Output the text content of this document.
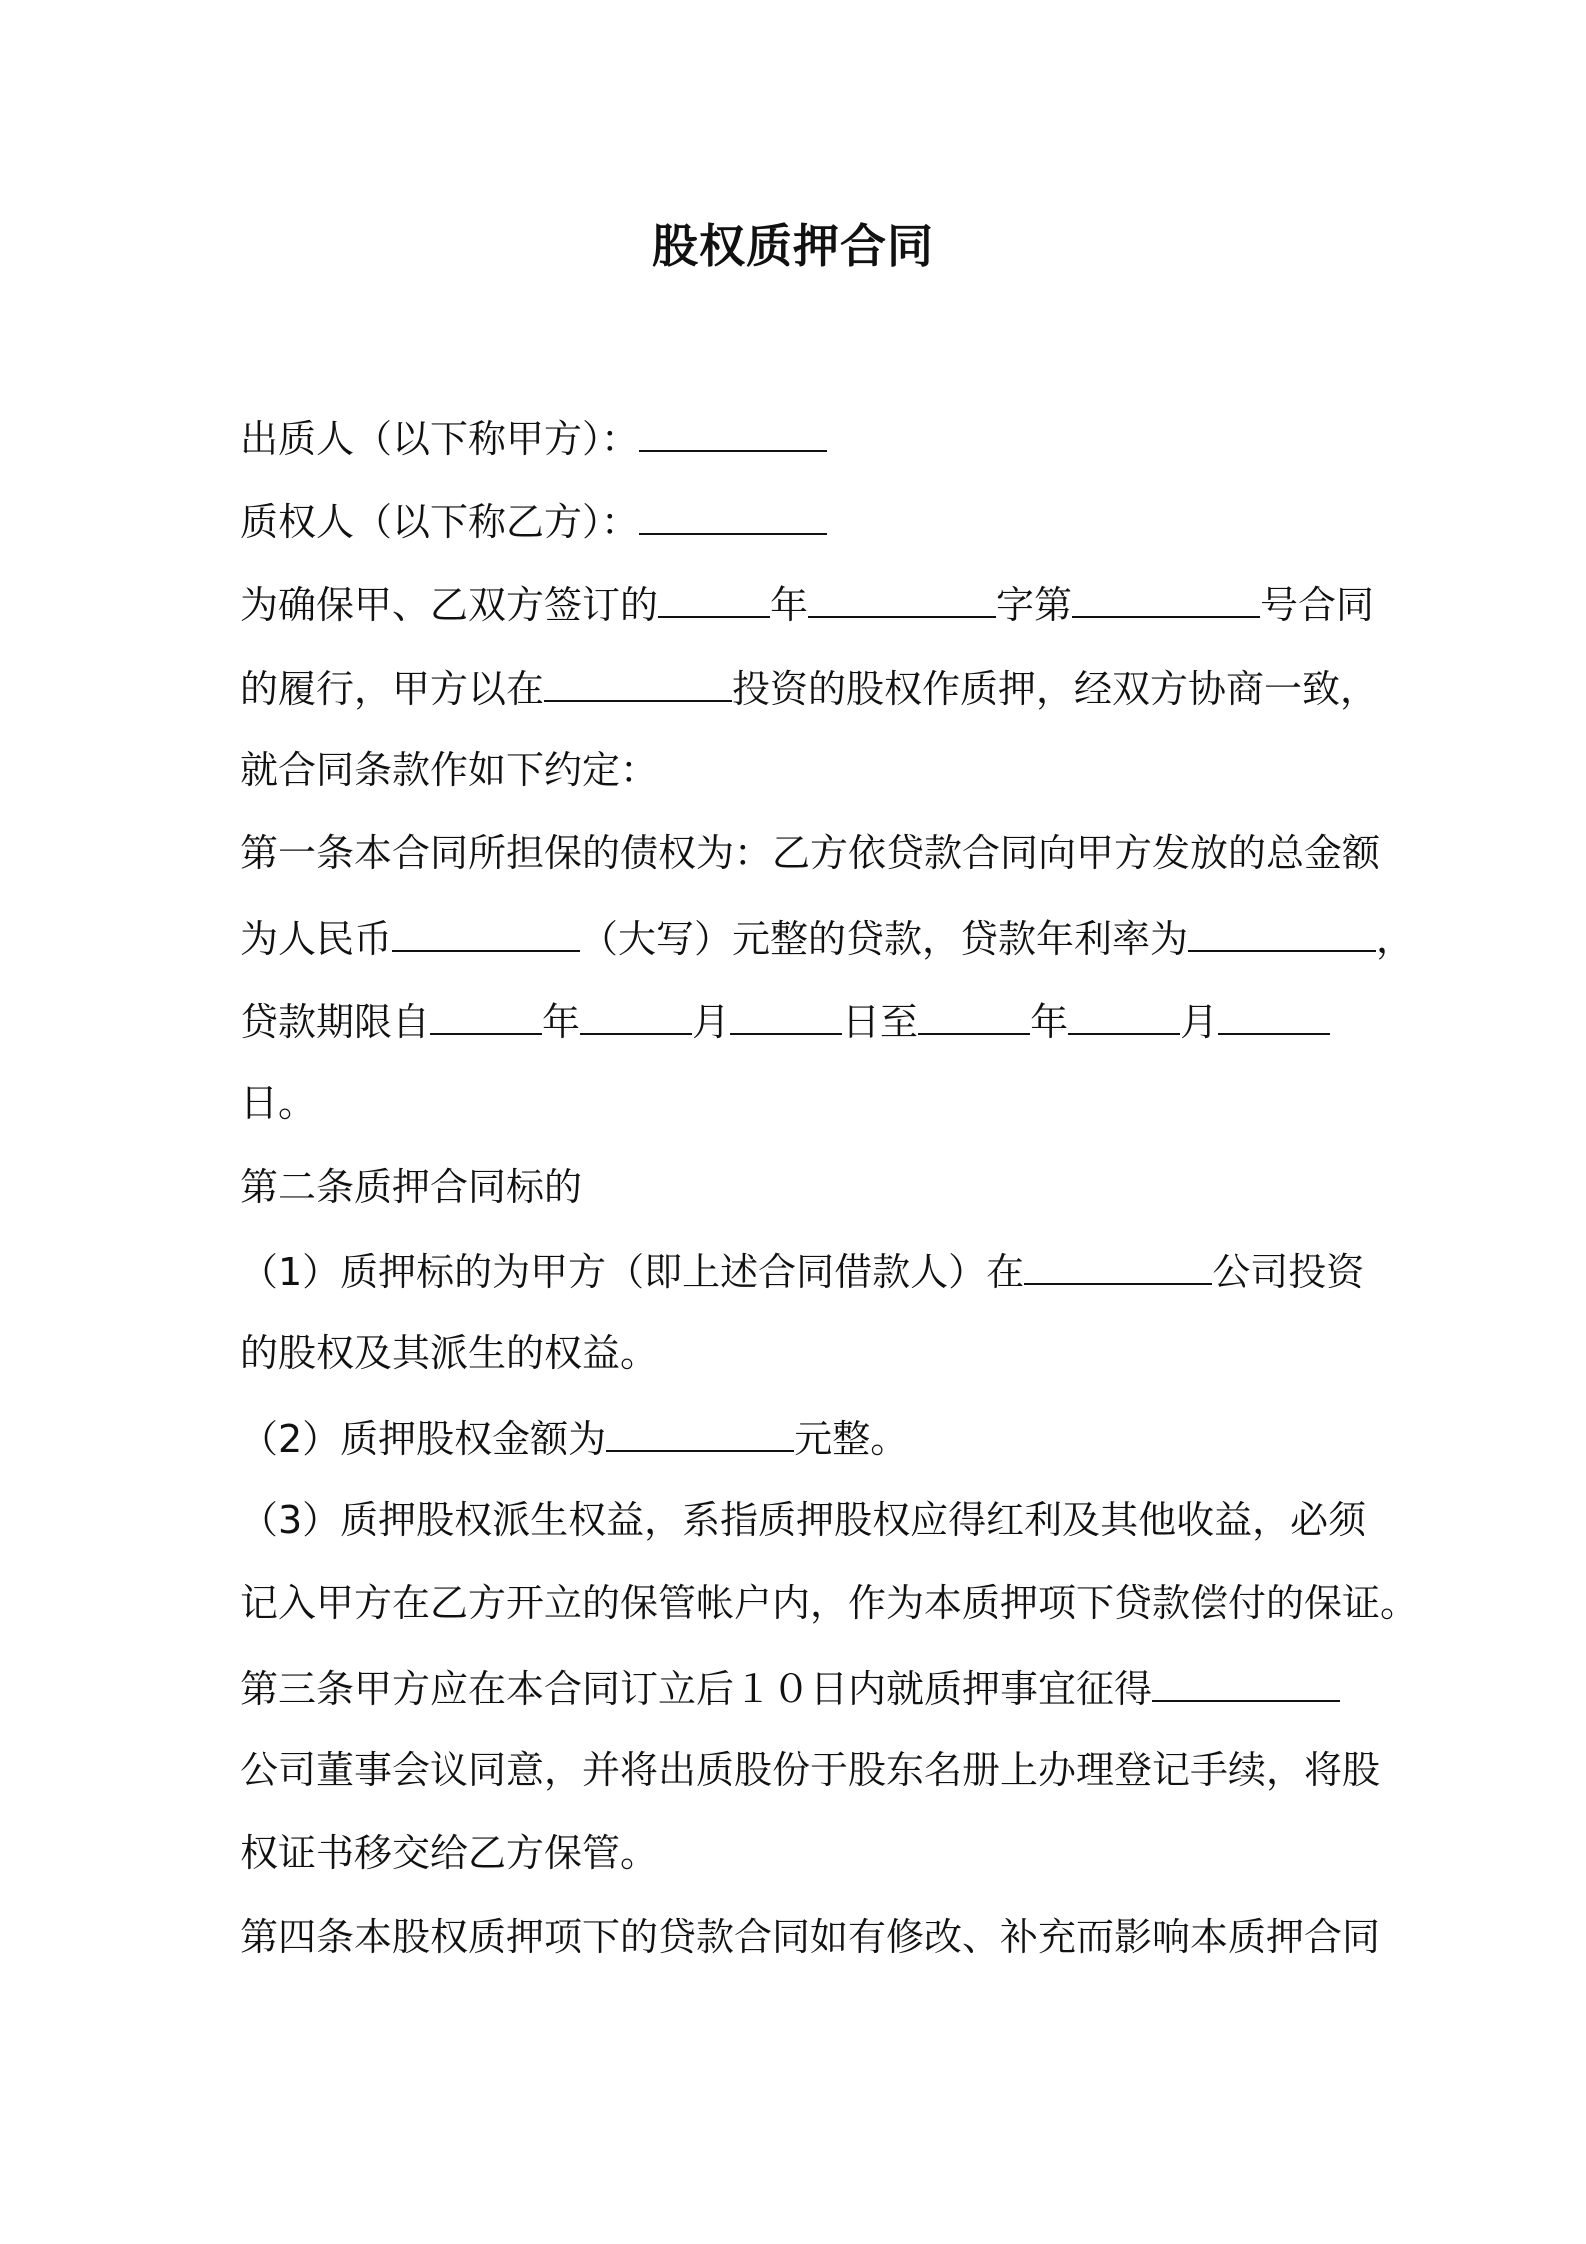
股权质押合同
出质人（以下称甲方）：
质权人（以下称乙方）：
为确保甲、乙双方签订的	年	字第	号合同
的履行，甲方以在	投资的股权作质押，经双方协商一致，
就合同条款作如下约定：
第一条本合同所担保的债权为：乙方依贷款合同向甲方发放的总金额
为人民币	（大写）元整的贷款，贷款年利率为	，
贷款期限自	年	月	日至	年	月
日。
第二条质押合同标的
（1）质押标的为甲方（即上述合同借款人）在	公司投资
的股权及其派生的权益。
（2）质押股权金额为	元整。
（3）质押股权派生权益，系指质押股权应得红利及其他收益，必须
记入甲方在乙方开立的保管帐户内，作为本质押项下贷款偿付的保证。
第三条甲方应在本合同订立后１０日内就质押事宜征得
公司董事会议同意，并将出质股份于股东名册上办理登记手续，将股
权证书移交给乙方保管。
第四条本股权质押项下的贷款合同如有修改、补充而影响本质押合同
